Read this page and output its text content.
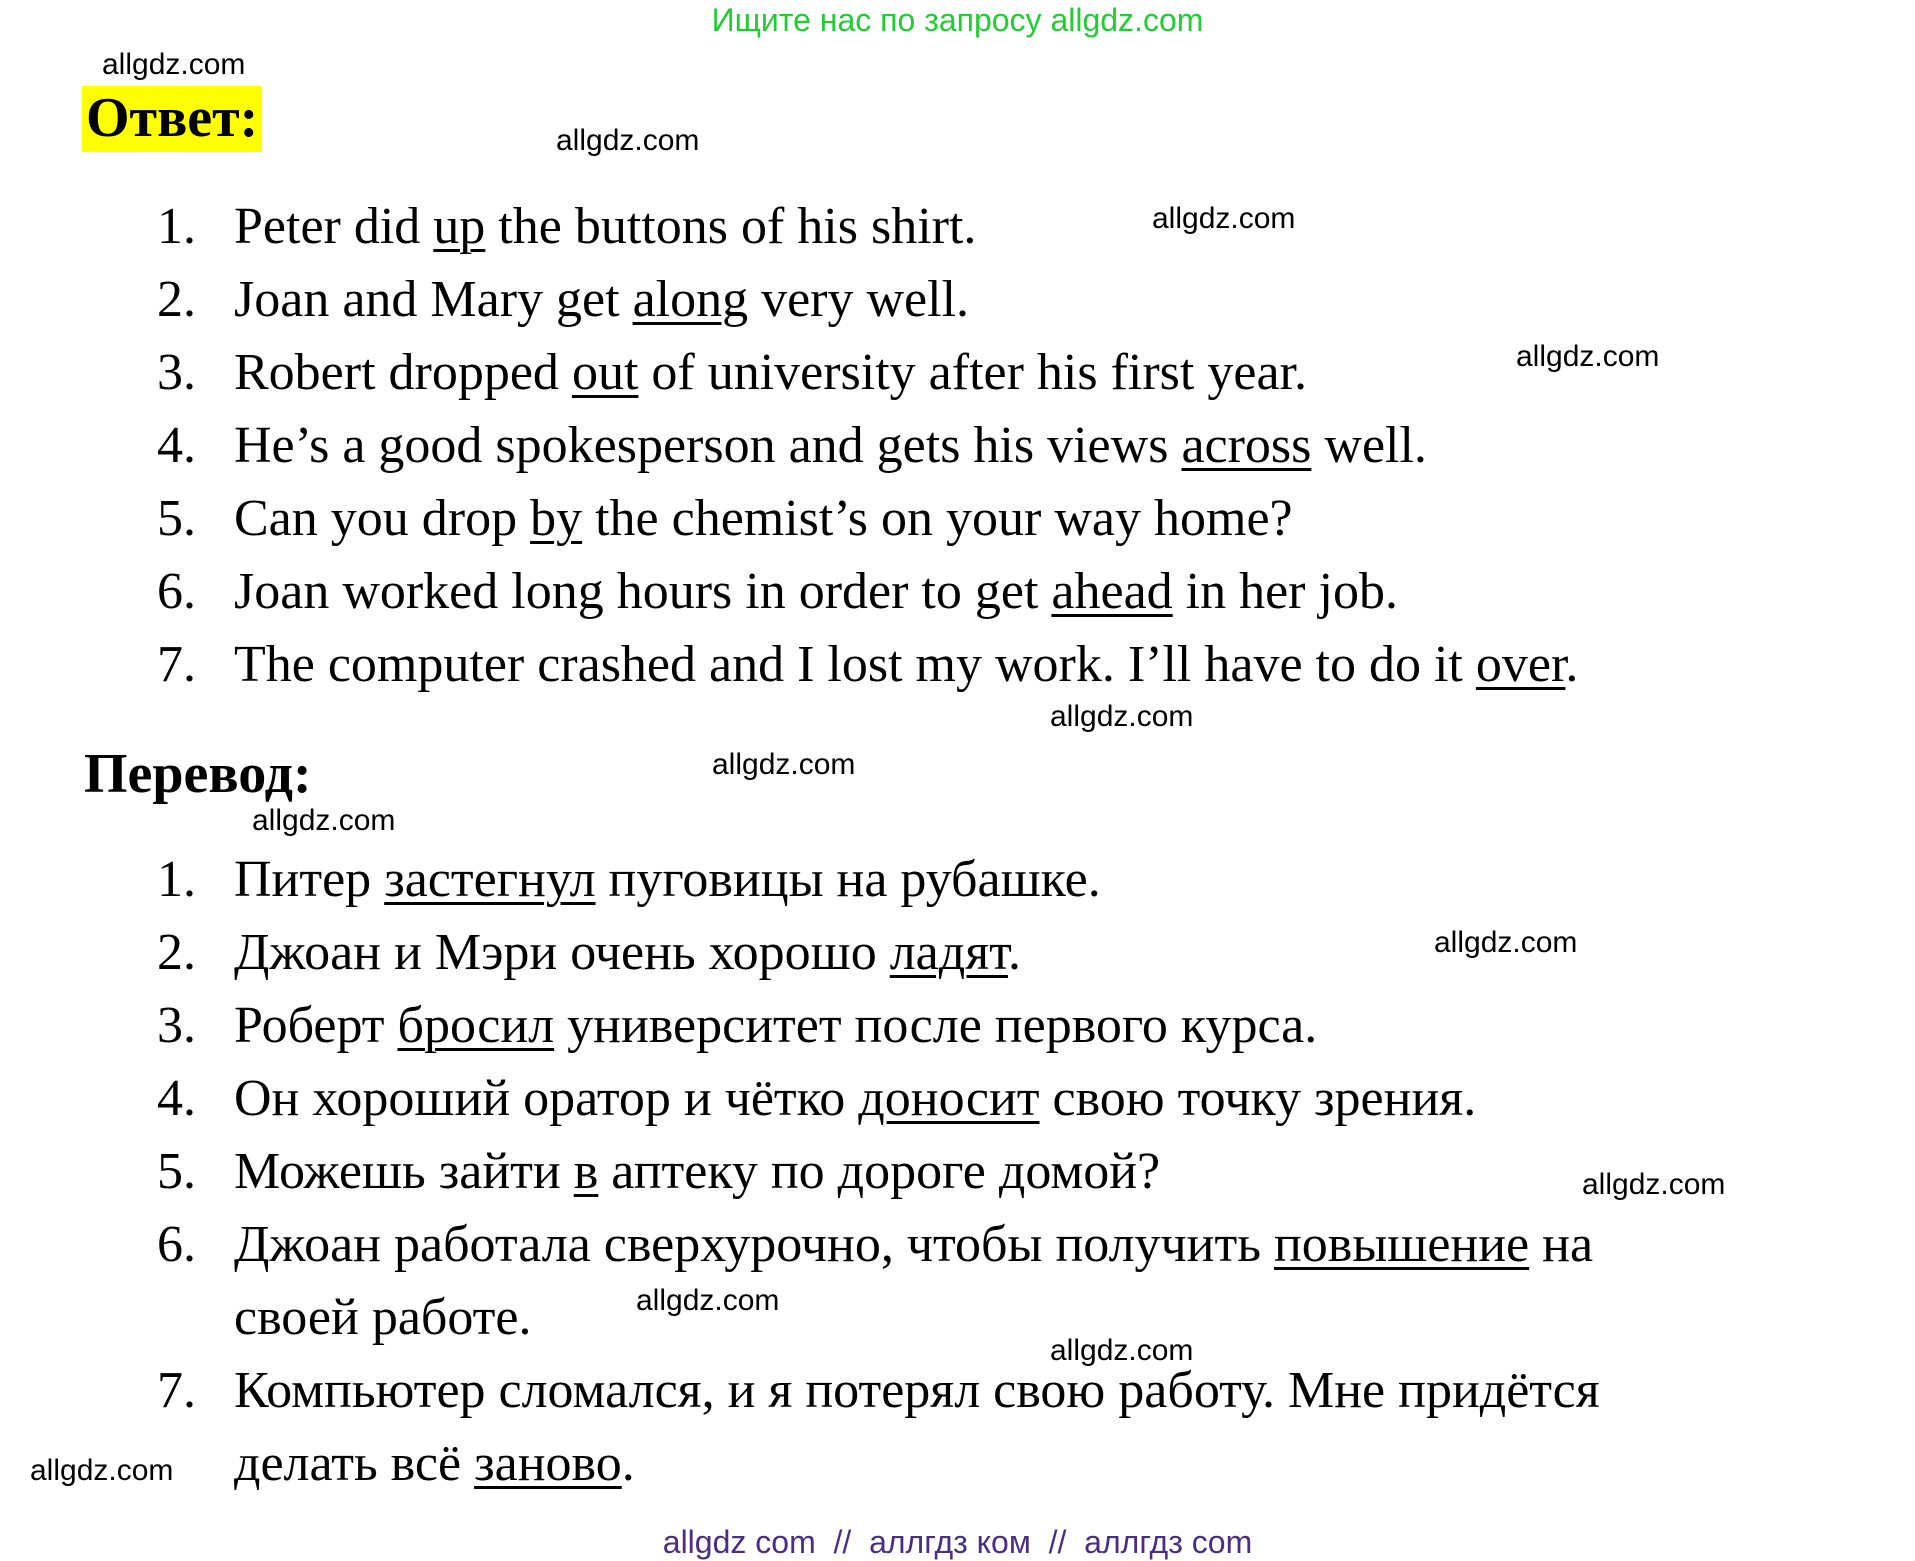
Ищите нас по запросу allgdz.com
allgdz.com
allgdz.com
allgdz.com
allgdz.com
allgdz.com
allgdz.com
allgdz.com
allgdz.com
allgdz.com
allgdz.com
allgdz.com
allgdz.com
Ответ:
1. Peter did up the buttons of his shirt.
2. Joan and Mary get along very well.
3. Robert dropped out of university after his first year.
4. He’s a good spokesperson and gets his views across well.
5. Can you drop by the chemist’s on your way home?
6. Joan worked long hours in order to get ahead in her job.
7. The computer crashed and I lost my work. I’ll have to do it over.
Перевод:
1. Питер застегнул пуговицы на рубашке.
2. Джоан и Мэри очень хорошо ладят.
3. Роберт бросил университет после первого курса.
4. Он хороший оратор и чётко доносит свою точку зрения.
5. Можешь зайти в аптеку по дороге домой?
6. Джоан работала сверхурочно, чтобы получить повышение на
своей работе.
7. Компьютер сломался, и я потерял свою работу. Мне придётся
делать всё заново.
allgdz com  //  аллгдз ком  //  аллгдз com
